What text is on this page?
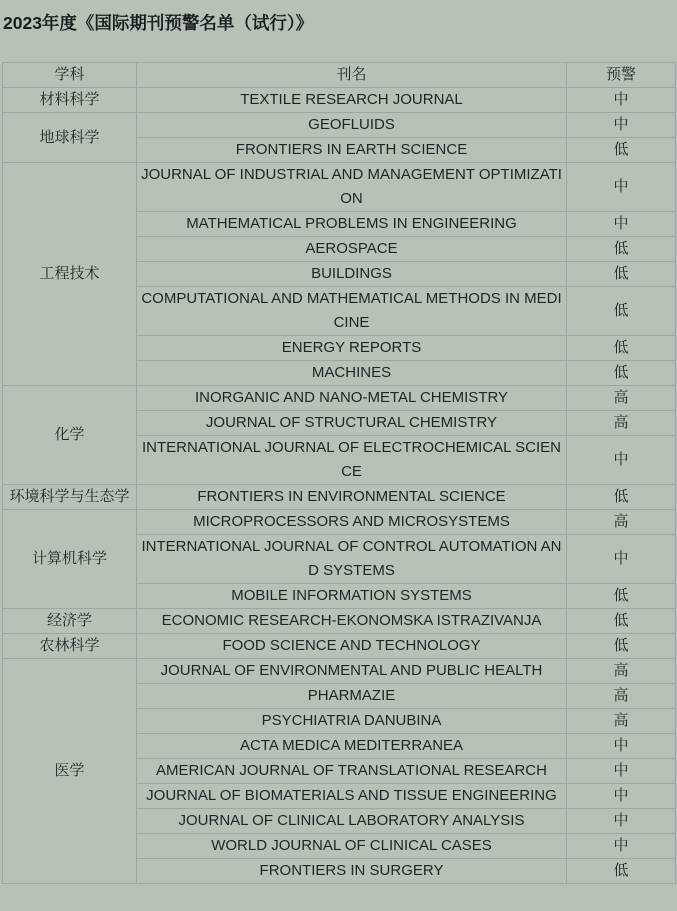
2023年度《国际期刊预警名单（试行）》
学科	刊名	预警
材料科学	TEXTILE RESEARCH JOURNAL	中
地球科学	GEOFLUIDS	中
	FRONTIERS IN EARTH SCIENCE	低
工程技术	JOURNAL OF INDUSTRIAL AND MANAGEMENT OPTIMIZATION	中
	MATHEMATICAL PROBLEMS IN ENGINEERING	中
	AEROSPACE	低
	BUILDINGS	低
	COMPUTATIONAL AND MATHEMATICAL METHODS IN MEDICINE	低
	ENERGY REPORTS	低
	MACHINES	低
化学	INORGANIC AND NANO-METAL CHEMISTRY	高
	JOURNAL OF STRUCTURAL CHEMISTRY	高
	INTERNATIONAL JOURNAL OF ELECTROCHEMICAL SCIENCE	中
环境科学与生态学	FRONTIERS IN ENVIRONMENTAL SCIENCE	低
计算机科学	MICROPROCESSORS AND MICROSYSTEMS	高
	INTERNATIONAL JOURNAL OF CONTROL AUTOMATION AND SYSTEMS	中
	MOBILE INFORMATION SYSTEMS	低
经济学	ECONOMIC RESEARCH-EKONOMSKA ISTRAZIVANJA	低
农林科学	FOOD SCIENCE AND TECHNOLOGY	低
医学	JOURNAL OF ENVIRONMENTAL AND PUBLIC HEALTH	高
	PHARMAZIE	高
	PSYCHIATRIA DANUBINA	高
	ACTA MEDICA MEDITERRANEA	中
	AMERICAN JOURNAL OF TRANSLATIONAL RESEARCH	中
	JOURNAL OF BIOMATERIALS AND TISSUE ENGINEERING	中
	JOURNAL OF CLINICAL LABORATORY ANALYSIS	中
	WORLD JOURNAL OF CLINICAL CASES	中
	FRONTIERS IN SURGERY	低
